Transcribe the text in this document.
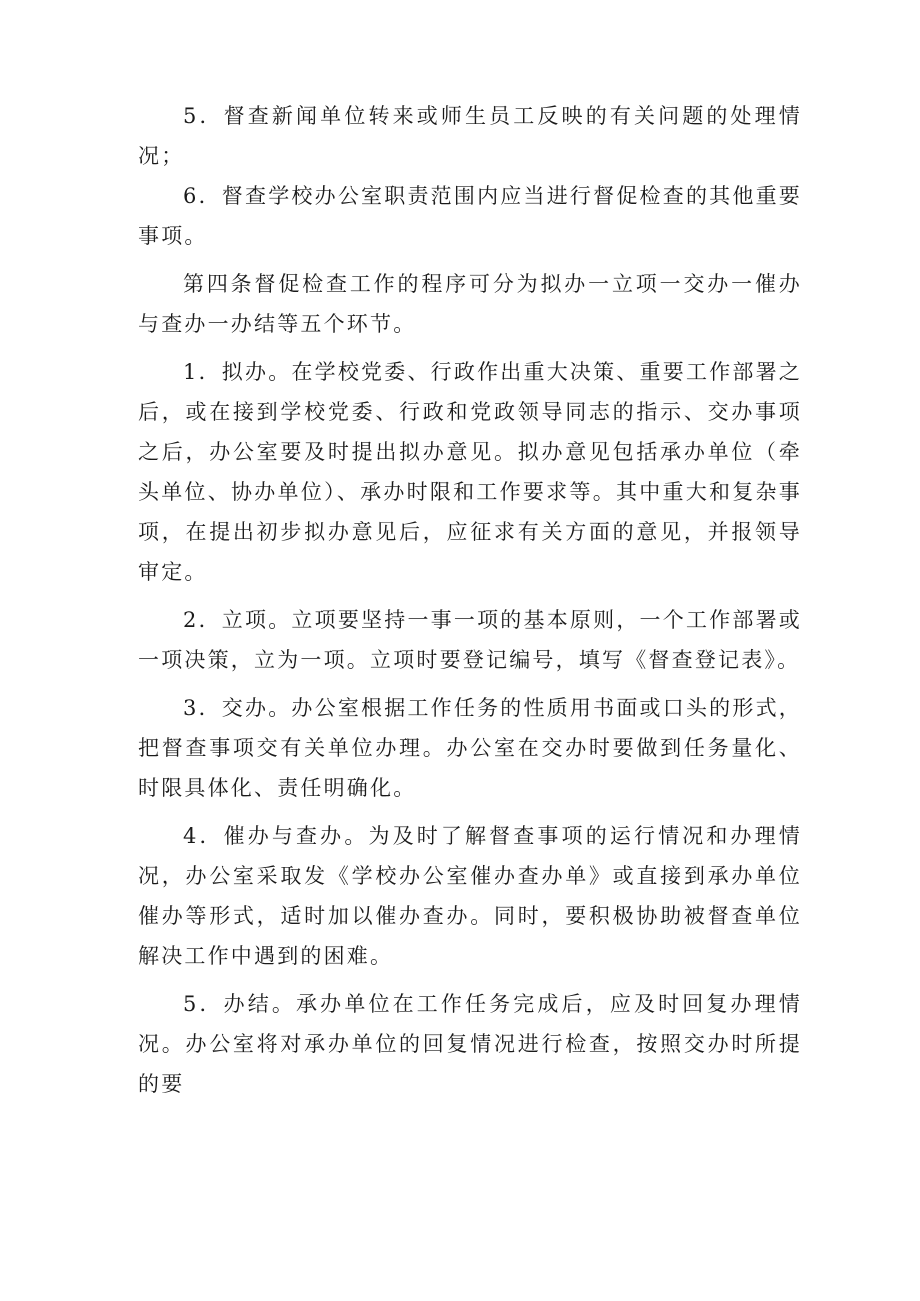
5．督查新闻单位转来或师生员工反映的有关问题的处理情况；

6．督查学校办公室职责范围内应当进行督促检查的其他重要事项。

第四条督促检查工作的程序可分为拟办一立项一交办一催办与查办一办结等五个环节。

1．拟办。在学校党委、行政作出重大决策、重要工作部署之后，或在接到学校党委、行政和党政领导同志的指示、交办事项之后，办公室要及时提出拟办意见。拟办意见包括承办单位（牵头单位、协办单位）、承办时限和工作要求等。其中重大和复杂事项，在提出初步拟办意见后，应征求有关方面的意见，并报领导审定。

2．立项。立项要坚持一事一项的基本原则，一个工作部署或一项决策，立为一项。立项时要登记编号，填写《督查登记表》。

3．交办。办公室根据工作任务的性质用书面或口头的形式，把督查事项交有关单位办理。办公室在交办时要做到任务量化、时限具体化、责任明确化。

4．催办与查办。为及时了解督查事项的运行情况和办理情况，办公室采取发《学校办公室催办查办单》或直接到承办单位催办等形式，适时加以催办查办。同时，要积极协助被督查单位解决工作中遇到的困难。

5．办结。承办单位在工作任务完成后，应及时回复办理情况。办公室将对承办单位的回复情况进行检查，按照交办时所提的要
